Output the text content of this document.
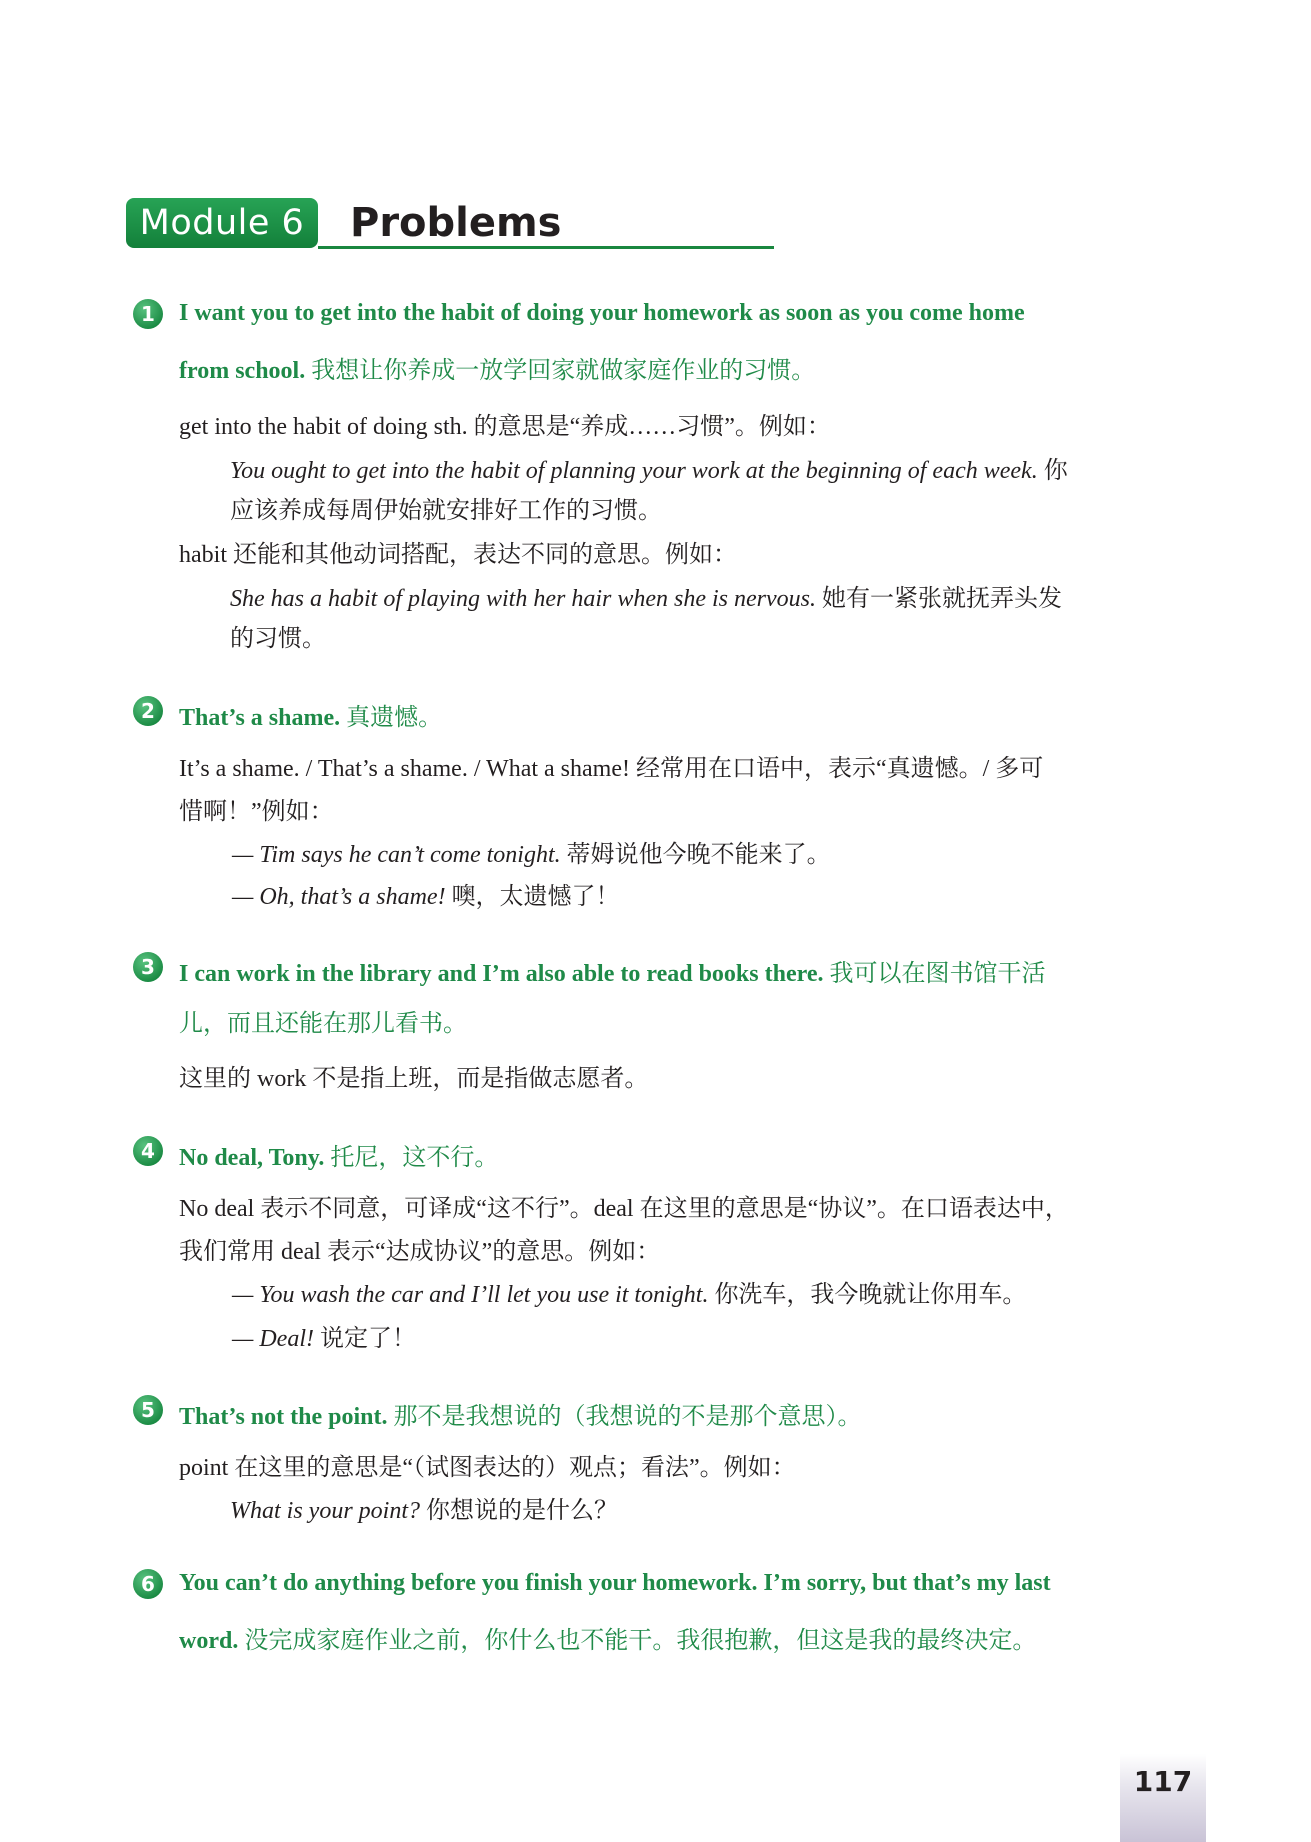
Module 6	Problems
1	I want you to get into the habit of doing your homework as soon as you come home
from school. 我想让你养成一放学回家就做家庭作业的习惯。
get into the habit of doing sth. 的意思是“养成……习惯”。例如：
You ought to get into the habit of planning your work at the beginning of each week. 你
应该养成每周伊始就安排好工作的习惯。
habit 还能和其他动词搭配，表达不同的意思。例如：
She has a habit of playing with her hair when she is nervous. 她有一紧张就抚弄头发
的习惯。
2	That’s a shame. 真遗憾。
It’s a shame. / That’s a shame. / What a shame! 经常用在口语中，表示“真遗憾。/ 多可
惜啊！”例如：
— Tim says he can’t come tonight. 蒂姆说他今晚不能来了。
— Oh, that’s a shame! 噢，太遗憾了！
3	I can work in the library and I’m also able to read books there. 我可以在图书馆干活
儿，而且还能在那儿看书。
这里的 work 不是指上班，而是指做志愿者。
4	No deal, Tony. 托尼，这不行。
No deal 表示不同意，可译成“这不行”。deal 在这里的意思是“协议”。在口语表达中，
我们常用 deal 表示“达成协议”的意思。例如：
— You wash the car and I’ll let you use it tonight. 你洗车，我今晚就让你用车。
— Deal! 说定了！
5	That’s not the point. 那不是我想说的（我想说的不是那个意思）。
point 在这里的意思是“（试图表达的）观点；看法”。例如：
What is your point? 你想说的是什么？
6	You can’t do anything before you finish your homework. I’m sorry, but that’s my last
word. 没完成家庭作业之前，你什么也不能干。我很抱歉，但这是我的最终决定。
117
